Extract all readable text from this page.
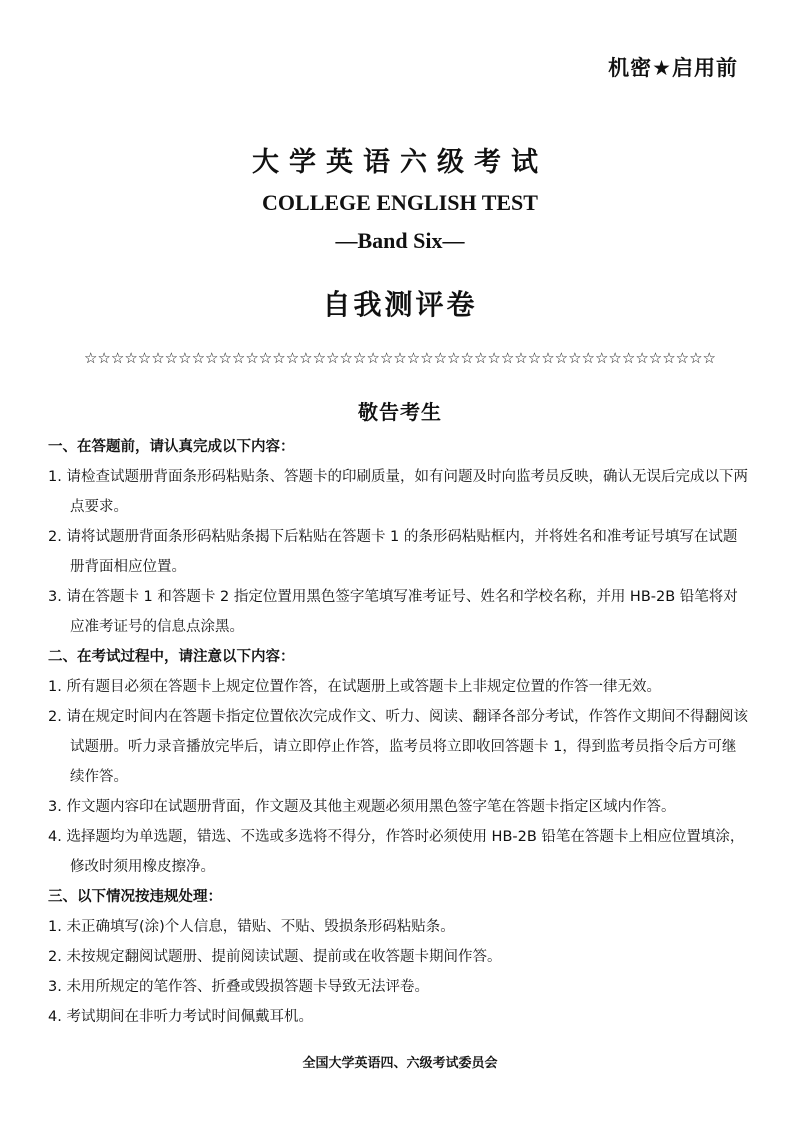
机密★启用前
大学英语六级考试
COLLEGE ENGLISH TEST
—Band Six—
自我测评卷
☆☆☆☆☆☆☆☆☆☆☆☆☆☆☆☆☆☆☆☆☆☆☆☆☆☆☆☆☆☆☆☆☆☆☆☆☆☆☆☆☆☆☆☆☆☆☆
敬告考生
一、在答题前，请认真完成以下内容：
1. 请检查试题册背面条形码粘贴条、答题卡的印刷质量，如有问题及时向监考员反映，确认无误后完成以下两点要求。
2. 请将试题册背面条形码粘贴条揭下后粘贴在答题卡 1 的条形码粘贴框内，并将姓名和准考证号填写在试题册背面相应位置。
3. 请在答题卡 1 和答题卡 2 指定位置用黑色签字笔填写准考证号、姓名和学校名称，并用 HB-2B 铅笔将对应准考证号的信息点涂黑。
二、在考试过程中，请注意以下内容：
1. 所有题目必须在答题卡上规定位置作答，在试题册上或答题卡上非规定位置的作答一律无效。
2. 请在规定时间内在答题卡指定位置依次完成作文、听力、阅读、翻译各部分考试，作答作文期间不得翻阅该试题册。听力录音播放完毕后，请立即停止作答，监考员将立即收回答题卡 1，得到监考员指令后方可继续作答。
3. 作文题内容印在试题册背面，作文题及其他主观题必须用黑色签字笔在答题卡指定区域内作答。
4. 选择题均为单选题，错选、不选或多选将不得分，作答时必须使用 HB-2B 铅笔在答题卡上相应位置填涂，修改时须用橡皮擦净。
三、以下情况按违规处理：
1. 未正确填写(涂)个人信息，错贴、不贴、毁损条形码粘贴条。
2. 未按规定翻阅试题册、提前阅读试题、提前或在收答题卡期间作答。
3. 未用所规定的笔作答、折叠或毁损答题卡导致无法评卷。
4. 考试期间在非听力考试时间佩戴耳机。
全国大学英语四、六级考试委员会
